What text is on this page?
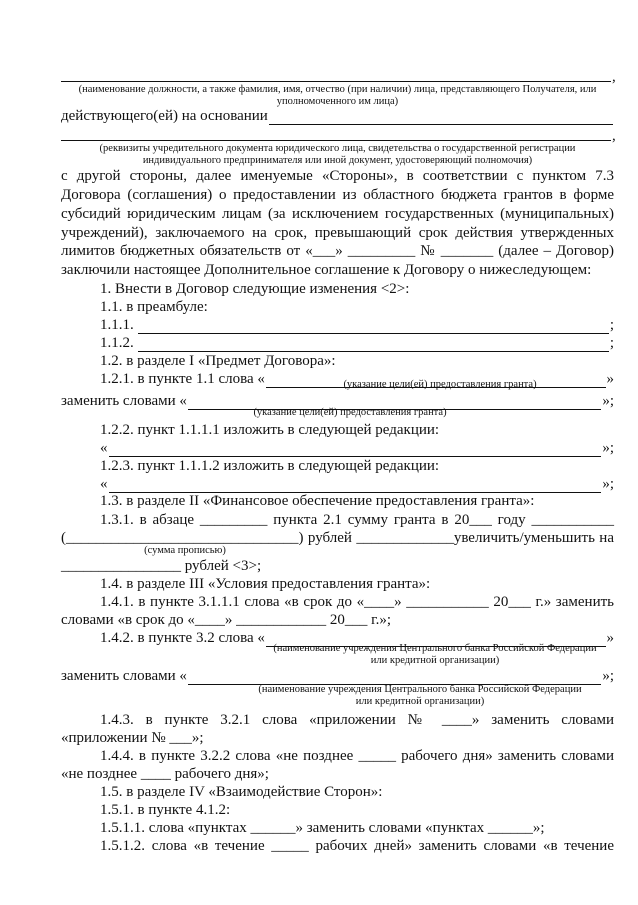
,
(наименование должности, а также фамилия, имя, отчество (при наличии) лица, представляющего Получателя, или
уполномоченного им лица)
действующего(ей) на основании
,
(реквизиты учредительного документа юридического лица, свидетельства о государственной регистрации
индивидуального предпринимателя или иной документ, удостоверяющий полномочия)
с другой стороны, далее именуемые «Стороны», в соответствии с пунктом 7.3
Договора (соглашения) о предоставлении из областного бюджета грантов в форме
субсидий юридическим лицам (за исключением государственных (муниципальных)
учреждений), заключаемого на срок, превышающий срок действия утвержденных
лимитов бюджетных обязательств от «___» _________ № _______ (далее – Договор)
заключили настоящее Дополнительное соглашение к Договору о нижеследующем:
1. Внести в Договор следующие изменения <2>:
1.1. в преамбуле:
1.1.1.	;
1.1.2.	;
1.2. в разделе I «Предмет Договора»:
1.2.1. в пункте 1.1 слова «	»
(указание цели(ей) предоставления гранта)
заменить словами «	»;
(указание цели(ей) предоставления гранта)
1.2.2. пункт 1.1.1.1 изложить в следующей редакции:
«	»;
1.2.3. пункт 1.1.1.2 изложить в следующей редакции:
«	»;
1.3. в разделе II «Финансовое обеспечение предоставления гранта»:
1.3.1. в абзаце _________ пункта 2.1 сумму гранта в 20___ году ___________
(_______________________________) рублей _____________увеличить/уменьшить на
(сумма прописью)
________________ рублей <3>;
1.4. в разделе III «Условия предоставления гранта»:
1.4.1. в пункте 3.1.1.1 слова «в срок до «____» ___________ 20___ г.» заменить
словами «в срок до «____» ____________ 20___ г.»;
1.4.2. в пункте 3.2 слова «	»
(наименование учреждения Центрального банка Российской Федерации
или кредитной организации)
заменить словами «	»;
(наименование учреждения Центрального банка Российской Федерации
или кредитной организации)
1.4.3. в пункте 3.2.1 слова «приложении № ____» заменить словами
«приложении № ___»;
1.4.4. в пункте 3.2.2 слова «не позднее _____ рабочего дня» заменить словами
«не позднее ____ рабочего дня»;
1.5. в разделе IV «Взаимодействие Сторон»:
1.5.1. в пункте 4.1.2:
1.5.1.1. слова «пунктах ______» заменить словами «пунктах ______»;
1.5.1.2. слова «в течение _____ рабочих дней» заменить словами «в течение
